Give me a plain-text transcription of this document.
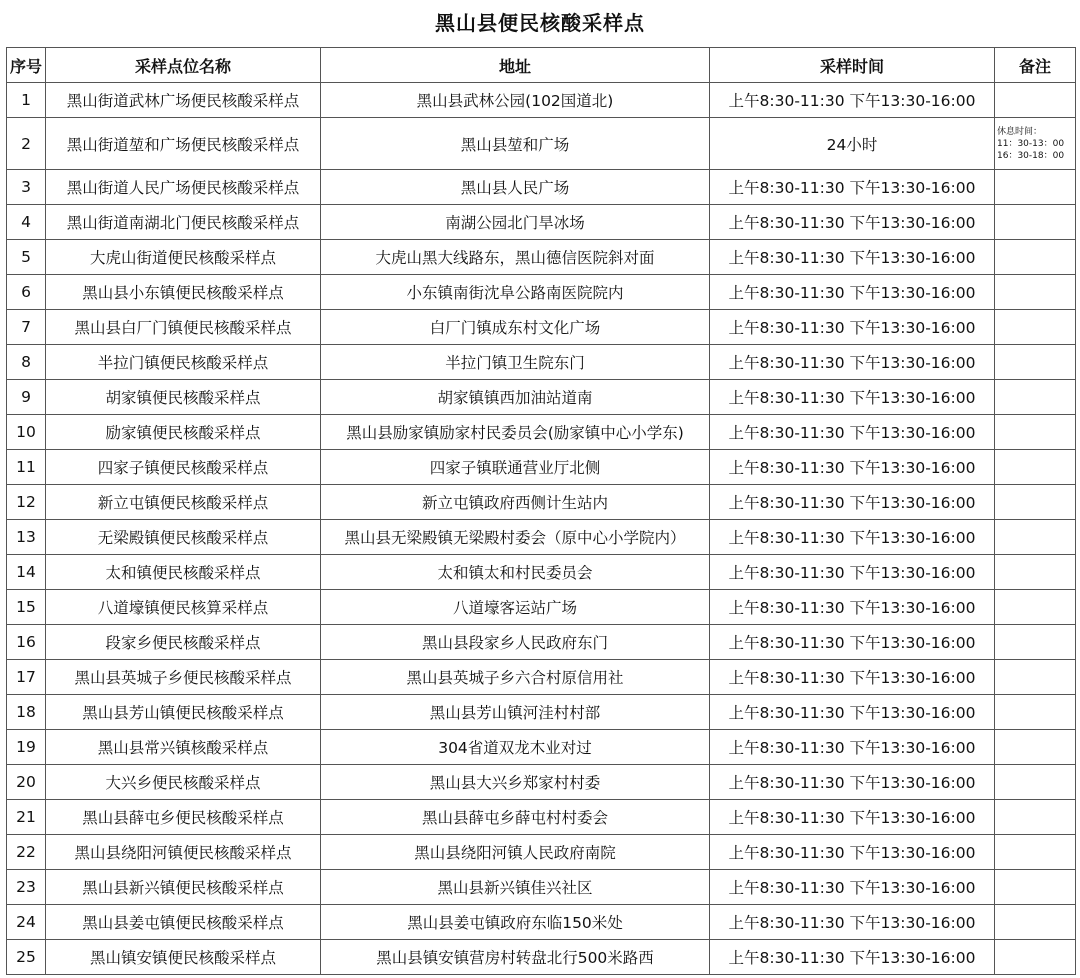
黑山县便民核酸采样点
序号	采样点位名称	地址	采样时间	备注
1	黑山街道武林广场便民核酸采样点	黑山县武林公园(102国道北)	上午8:30-11:30 下午13:30-16:00	

2	黑山街道堃和广场便民核酸采样点	黑山县堃和广场	24小时	休息时间：
11：30-13：00
16：30-18：00

3	黑山街道人民广场便民核酸采样点	黑山县人民广场	上午8:30-11:30 下午13:30-16:00	

4	黑山街道南湖北门便民核酸采样点	南湖公园北门旱冰场	上午8:30-11:30 下午13:30-16:00	

5	大虎山街道便民核酸采样点	大虎山黑大线路东，黑山德信医院斜对面	上午8:30-11:30 下午13:30-16:00	

6	黑山县小东镇便民核酸采样点	小东镇南街沈阜公路南医院院内	上午8:30-11:30 下午13:30-16:00	

7	黑山县白厂门镇便民核酸采样点	白厂门镇成东村文化广场	上午8:30-11:30 下午13:30-16:00	

8	半拉门镇便民核酸采样点	半拉门镇卫生院东门	上午8:30-11:30 下午13:30-16:00	

9	胡家镇便民核酸采样点	胡家镇镇西加油站道南	上午8:30-11:30 下午13:30-16:00	

10	励家镇便民核酸采样点	黑山县励家镇励家村民委员会(励家镇中心小学东)	上午8:30-11:30 下午13:30-16:00	

11	四家子镇便民核酸采样点	四家子镇联通营业厅北侧	上午8:30-11:30 下午13:30-16:00	

12	新立屯镇便民核酸采样点	新立屯镇政府西侧计生站内	上午8:30-11:30 下午13:30-16:00	

13	无梁殿镇便民核酸采样点	黑山县无梁殿镇无梁殿村委会（原中心小学院内）	上午8:30-11:30 下午13:30-16:00	

14	太和镇便民核酸采样点	太和镇太和村民委员会	上午8:30-11:30 下午13:30-16:00	

15	八道壕镇便民核算采样点	八道壕客运站广场	上午8:30-11:30 下午13:30-16:00	

16	段家乡便民核酸采样点	黑山县段家乡人民政府东门	上午8:30-11:30 下午13:30-16:00	

17	黑山县英城子乡便民核酸采样点	黑山县英城子乡六合村原信用社	上午8:30-11:30 下午13:30-16:00	

18	黑山县芳山镇便民核酸采样点	黑山县芳山镇河洼村村部	上午8:30-11:30 下午13:30-16:00	

19	黑山县常兴镇核酸采样点	304省道双龙木业对过	上午8:30-11:30 下午13:30-16:00	

20	大兴乡便民核酸采样点	黑山县大兴乡郑家村村委	上午8:30-11:30 下午13:30-16:00	

21	黑山县薛屯乡便民核酸采样点	黑山县薛屯乡薛屯村村委会	上午8:30-11:30 下午13:30-16:00	

22	黑山县绕阳河镇便民核酸采样点	黑山县绕阳河镇人民政府南院	上午8:30-11:30 下午13:30-16:00	

23	黑山县新兴镇便民核酸采样点	黑山县新兴镇佳兴社区	上午8:30-11:30 下午13:30-16:00	

24	黑山县姜屯镇便民核酸采样点	黑山县姜屯镇政府东临150米处	上午8:30-11:30 下午13:30-16:00	

25	黑山镇安镇便民核酸采样点	黑山县镇安镇营房村转盘北行500米路西	上午8:30-11:30 下午13:30-16:00	
